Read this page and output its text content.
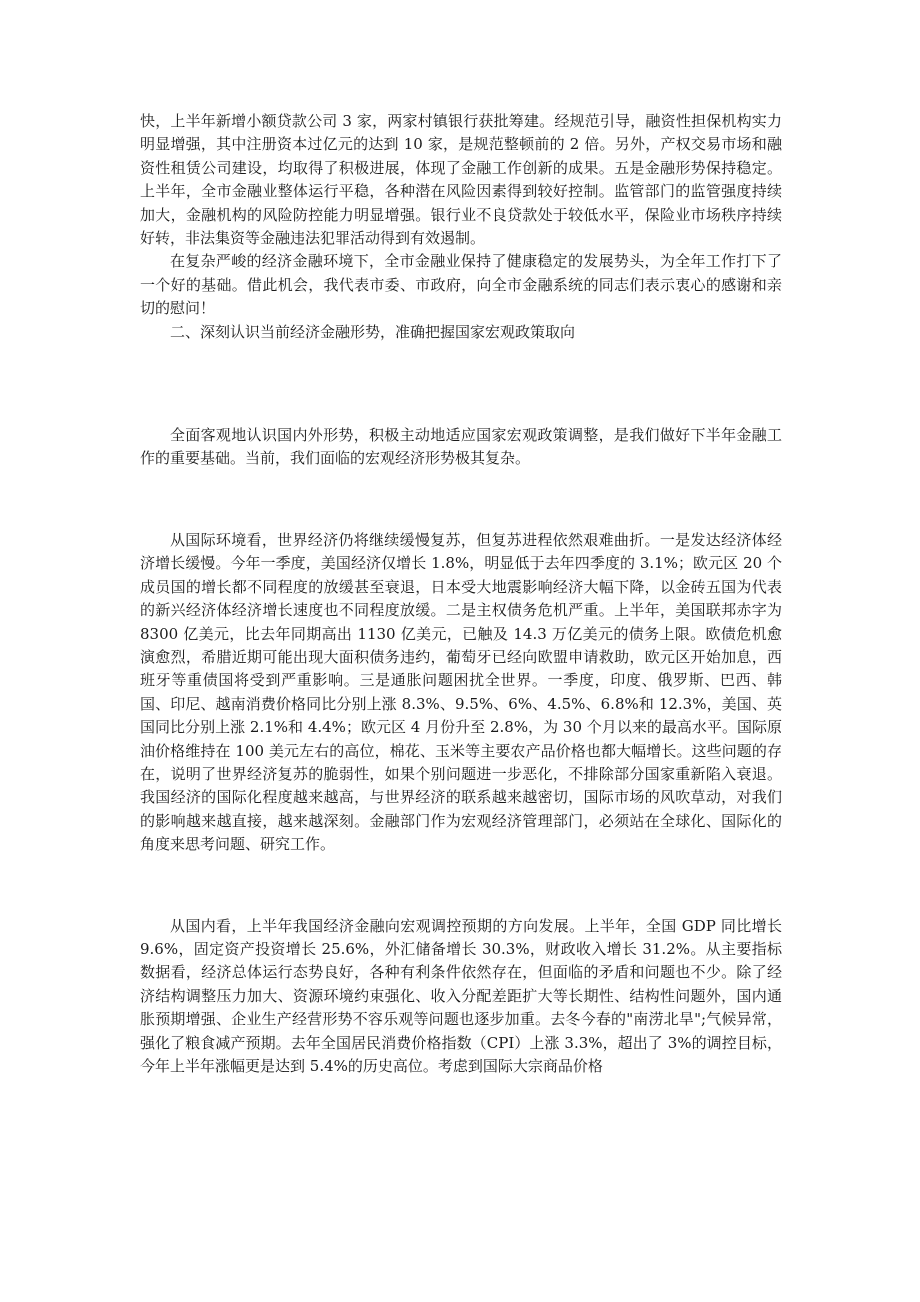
快，上半年新增小额贷款公司 3 家，两家村镇银行获批筹建。经规范引导，融资性担保机构实力明显增强，其中注册资本过亿元的达到 10 家，是规范整顿前的 2 倍。另外，产权交易市场和融资性租赁公司建设，均取得了积极进展，体现了金融工作创新的成果。五是金融形势保持稳定。上半年，全市金融业整体运行平稳，各种潜在风险因素得到较好控制。监管部门的监管强度持续加大，金融机构的风险防控能力明显增强。银行业不良贷款处于较低水平，保险业市场秩序持续好转，非法集资等金融违法犯罪活动得到有效遏制。

在复杂严峻的经济金融环境下，全市金融业保持了健康稳定的发展势头，为全年工作打下了一个好的基础。借此机会，我代表市委、市政府，向全市金融系统的同志们表示衷心的感谢和亲切的慰问！

二、深刻认识当前经济金融形势，准确把握国家宏观政策取向

全面客观地认识国内外形势，积极主动地适应国家宏观政策调整，是我们做好下半年金融工作的重要基础。当前，我们面临的宏观经济形势极其复杂。

从国际环境看，世界经济仍将继续缓慢复苏，但复苏进程依然艰难曲折。一是发达经济体经济增长缓慢。今年一季度，美国经济仅增长 1.8%，明显低于去年四季度的 3.1%；欧元区 20 个成员国的增长都不同程度的放缓甚至衰退，日本受大地震影响经济大幅下降，以金砖五国为代表的新兴经济体经济增长速度也不同程度放缓。二是主权债务危机严重。上半年，美国联邦赤字为 8300 亿美元，比去年同期高出 1130 亿美元，已触及 14.3 万亿美元的债务上限。欧债危机愈演愈烈，希腊近期可能出现大面积债务违约，葡萄牙已经向欧盟申请救助，欧元区开始加息，西班牙等重债国将受到严重影响。三是通胀问题困扰全世界。一季度，印度、俄罗斯、巴西、韩国、印尼、越南消费价格同比分别上涨 8.3%、9.5%、6%、4.5%、6.8%和 12.3%，美国、英国同比分别上涨 2.1%和 4.4%；欧元区 4 月份升至 2.8%，为 30 个月以来的最高水平。国际原油价格维持在 100 美元左右的高位，棉花、玉米等主要农产品价格也都大幅增长。这些问题的存在，说明了世界经济复苏的脆弱性，如果个别问题进一步恶化，不排除部分国家重新陷入衰退。我国经济的国际化程度越来越高，与世界经济的联系越来越密切，国际市场的风吹草动，对我们的影响越来越直接，越来越深刻。金融部门作为宏观经济管理部门，必须站在全球化、国际化的角度来思考问题、研究工作。

从国内看，上半年我国经济金融向宏观调控预期的方向发展。上半年，全国 GDP 同比增长 9.6%，固定资产投资增长 25.6%，外汇储备增长 30.3%，财政收入增长 31.2%。从主要指标数据看，经济总体运行态势良好，各种有利条件依然存在，但面临的矛盾和问题也不少。除了经济结构调整压力加大、资源环境约束强化、收入分配差距扩大等长期性、结构性问题外，国内通胀预期增强、企业生产经营形势不容乐观等问题也逐步加重。去冬今春的"南涝北旱";气候异常，强化了粮食减产预期。去年全国居民消费价格指数（CPI）上涨 3.3%，超出了 3%的调控目标，今年上半年涨幅更是达到 5.4%的历史高位。考虑到国际大宗商品价格
